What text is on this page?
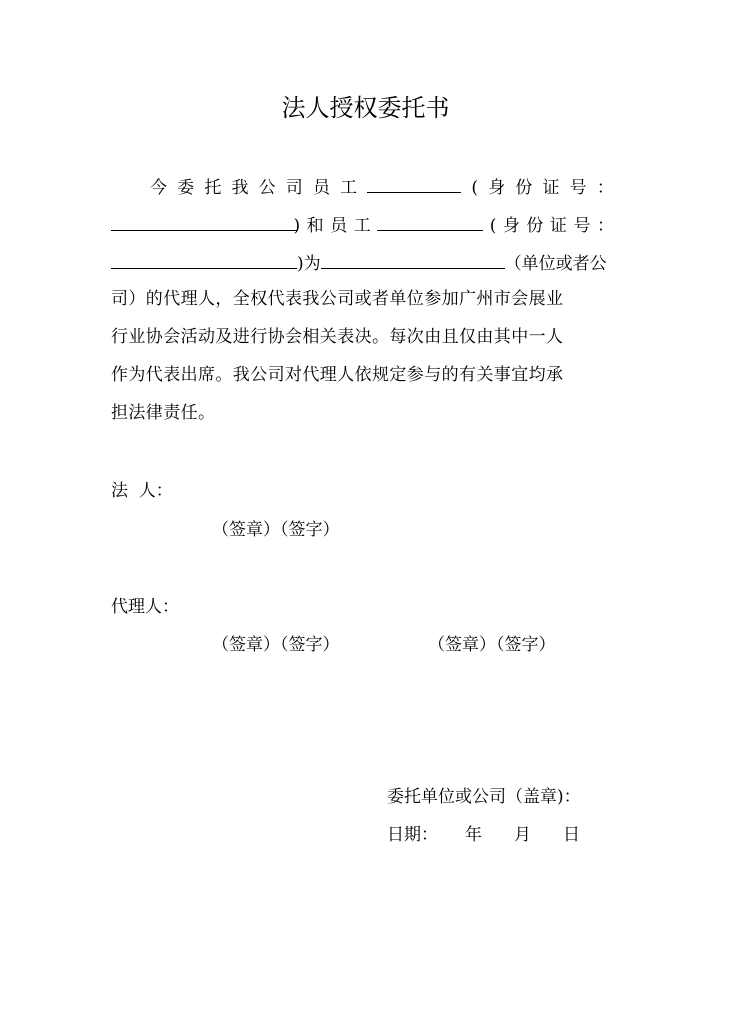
法人授权委托书
今 委 托 我 公 司 员 工	( 身 份 证 号 ：
) 和 员 工	( 身 份 证 号 ：
)为	（单位或者公
司）的代理人，全权代表我公司或者单位参加广州市会展业
行业协会活动及进行协会相关表决。每次由且仅由其中一人
作为代表出席。我公司对代理人依规定参与的有关事宜均承
担法律责任。
法  人：
（签章）（签字）
代理人：
（签章）（签字）	（签章）（签字）
委托单位或公司（盖章)：
日期： 年 月 日
